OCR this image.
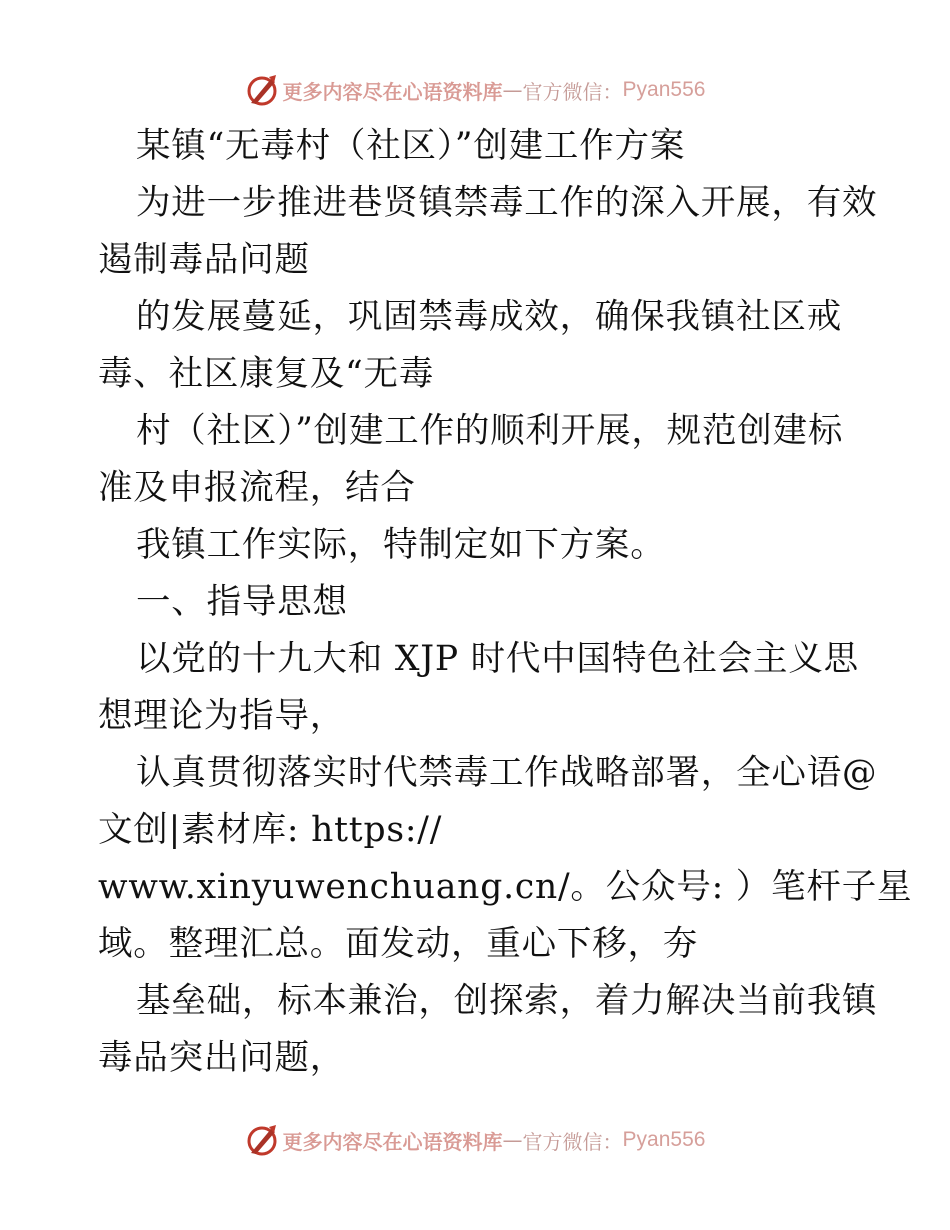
更多内容尽在心语资料库 — 官方微信： Pyan556
某镇“无毒村（社区）”创建工作方案
为进一步推进巷贤镇禁毒工作的深入开展，有效
遏制毒品问题
的发展蔓延，巩固禁毒成效，确保我镇社区戒
毒、社区康复及“无毒
村（社区）”创建工作的顺利开展，规范创建标
准及申报流程，结合
我镇工作实际，特制定如下方案。
一、指导思想
以党的十九大和 XJP 时代中国特色社会主义思
想理论为指导，
认真贯彻落实时代禁毒工作战略部署，全心语@
文创|素材库: https://
www.xinyuwenchuang.cn/。公众号: ）笔杆子星
域。整理汇总。面发动，重心下移，夯
基垒础，标本兼治，创探索，着力解决当前我镇
毒品突出问题，
更多内容尽在心语资料库 — 官方微信： Pyan556
